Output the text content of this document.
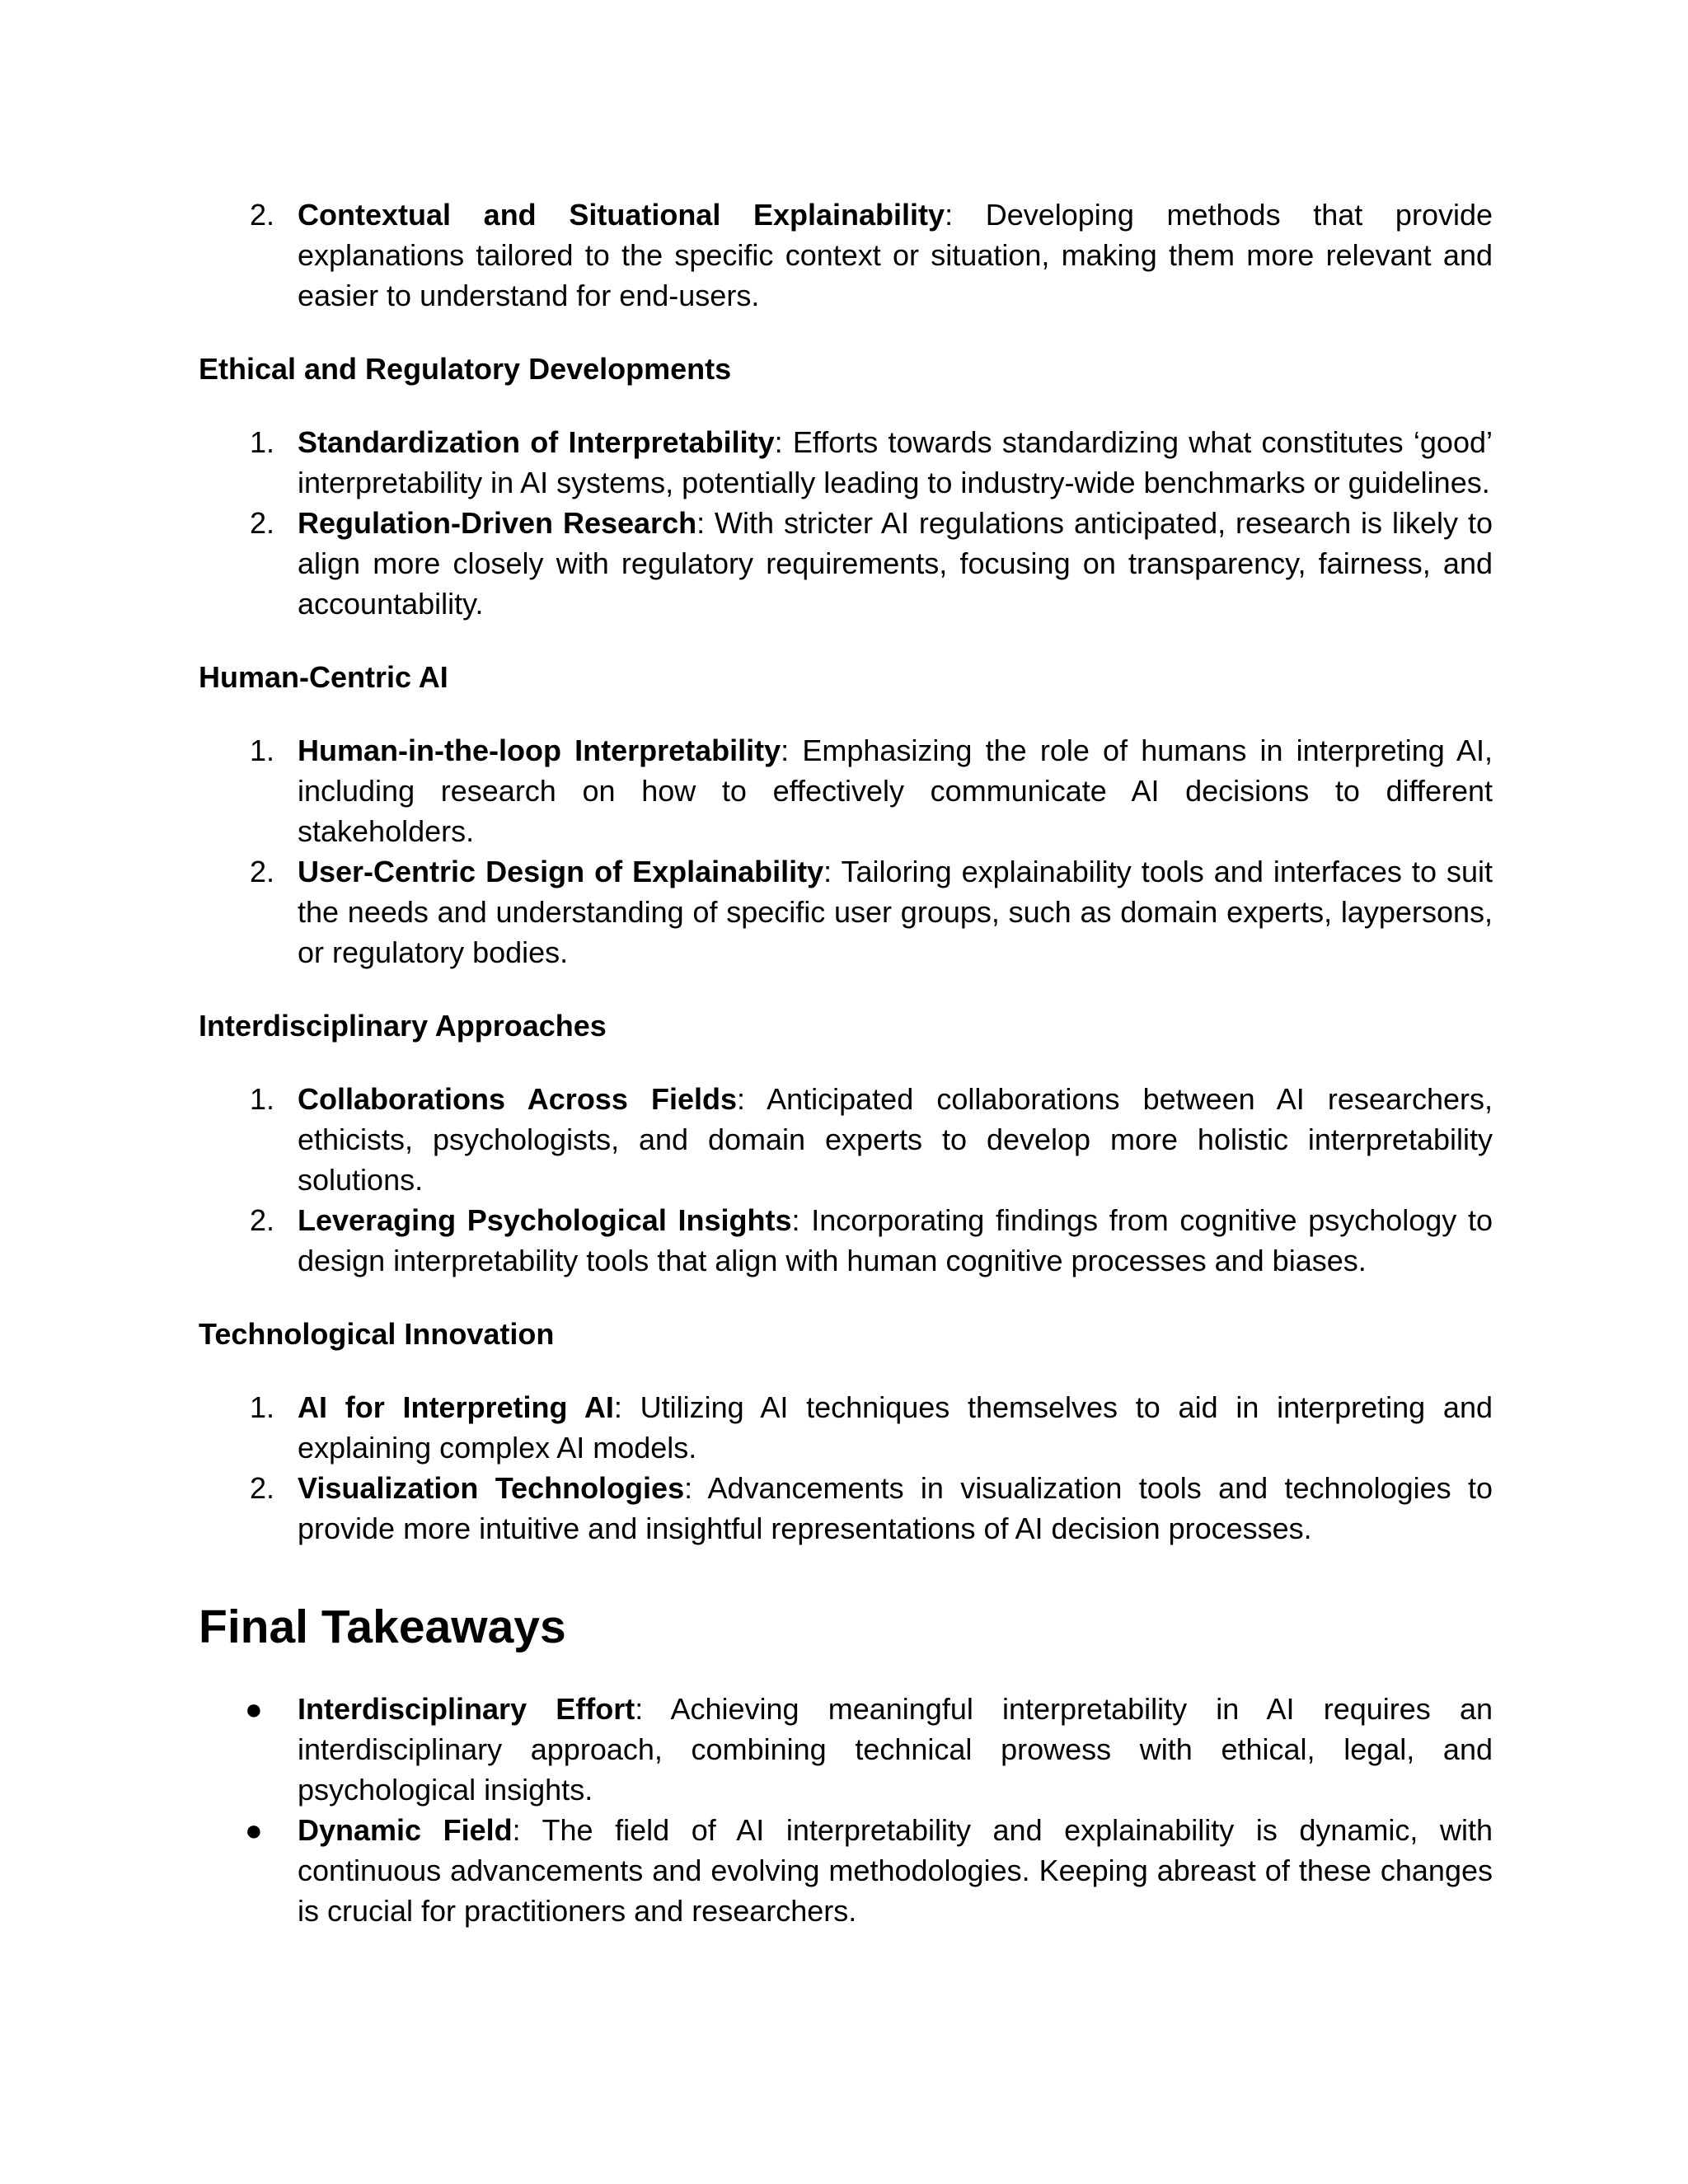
2. Contextual and Situational Explainability: Developing methods that provide explanations tailored to the specific context or situation, making them more relevant and easier to understand for end-users.
Ethical and Regulatory Developments
1. Standardization of Interpretability: Efforts towards standardizing what constitutes ‘good’ interpretability in AI systems, potentially leading to industry-wide benchmarks or guidelines.
2. Regulation-Driven Research: With stricter AI regulations anticipated, research is likely to align more closely with regulatory requirements, focusing on transparency, fairness, and accountability.
Human-Centric AI
1. Human-in-the-loop Interpretability: Emphasizing the role of humans in interpreting AI, including research on how to effectively communicate AI decisions to different stakeholders.
2. User-Centric Design of Explainability: Tailoring explainability tools and interfaces to suit the needs and understanding of specific user groups, such as domain experts, laypersons, or regulatory bodies.
Interdisciplinary Approaches
1. Collaborations Across Fields: Anticipated collaborations between AI researchers, ethicists, psychologists, and domain experts to develop more holistic interpretability solutions.
2. Leveraging Psychological Insights: Incorporating findings from cognitive psychology to design interpretability tools that align with human cognitive processes and biases.
Technological Innovation
1. AI for Interpreting AI: Utilizing AI techniques themselves to aid in interpreting and explaining complex AI models.
2. Visualization Technologies: Advancements in visualization tools and technologies to provide more intuitive and insightful representations of AI decision processes.
Final Takeaways
● Interdisciplinary Effort: Achieving meaningful interpretability in AI requires an interdisciplinary approach, combining technical prowess with ethical, legal, and psychological insights.
● Dynamic Field: The field of AI interpretability and explainability is dynamic, with continuous advancements and evolving methodologies. Keeping abreast of these changes is crucial for practitioners and researchers.
